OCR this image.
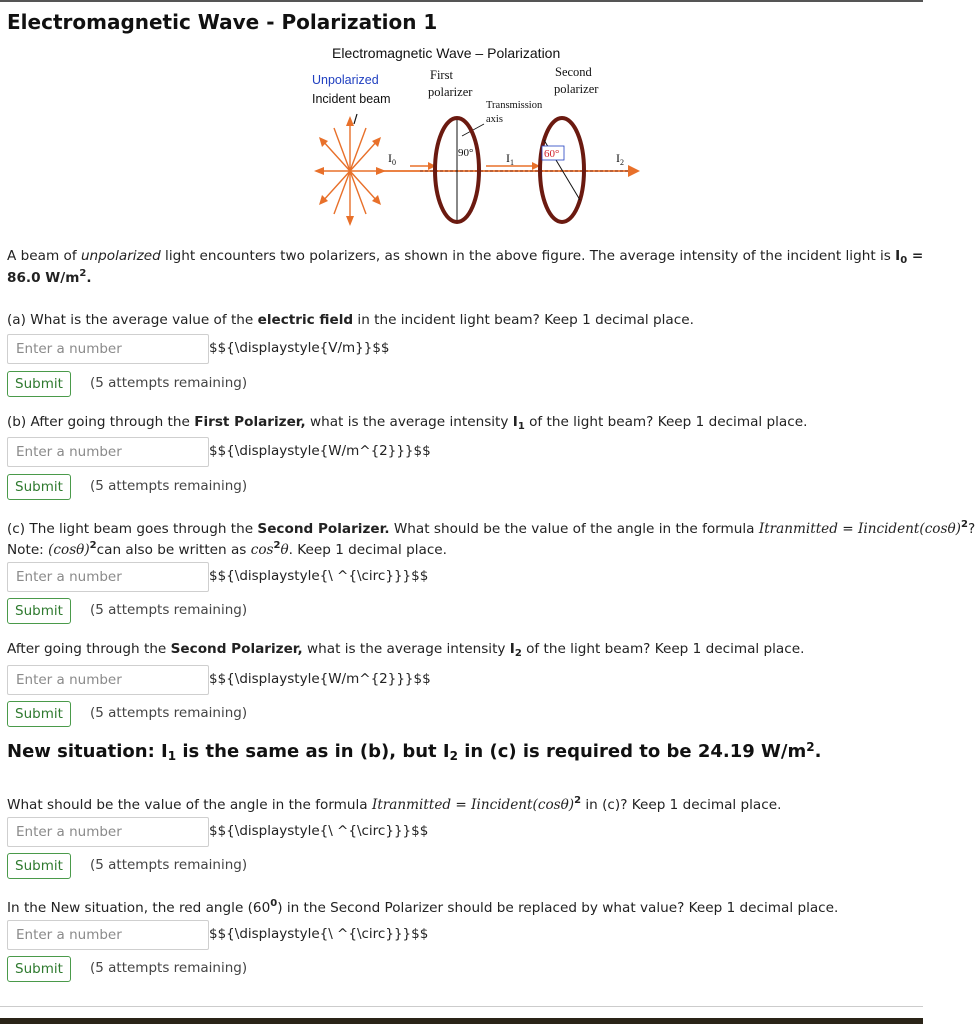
Electromagnetic Wave - Polarization 1
Electromagnetic Wave – Polarization
Unpolarized
Incident beam
First
polarizer
Second
polarizer
Transmission
axis
90°	60°
$I_0$	$I_1$	$I_2$
A beam of unpolarized light encounters two polarizers, as shown in the above figure. The average intensity of the incident light is $I_0$ =
86.0 $W/m^2$.
(a) What is the average value of the electric field in the incident light beam? Keep 1 decimal place.
Enter a number
$${\displaystyle{V/m}}$$
Submit	(5 attempts remaining)
(b) After going through the First Polarizer, what is the average intensity $I_1$ of the light beam? Keep 1 decimal place.
Enter a number
$${\displaystyle{W/m^{2}}}$$
Submit	(5 attempts remaining)
(c) The light beam goes through the Second Polarizer. What should be the value of the angle in the formula Itranmitted = $Iincident(\cos\theta)^2$?
Note: $(\cos\theta)^2can$ also be written as $\cos^2\theta$. Keep 1 decimal place.
Enter a number
$${\displaystyle{\ ^{\circ}}}$$
Submit	(5 attempts remaining)
After going through the Second Polarizer, what is the average intensity $I_2$ of the light beam? Keep 1 decimal place.
Enter a number
$${\displaystyle{W/m^{2}}}$$
Submit	(5 attempts remaining)
New situation: $I_1$ is the same as in (b), but $I_2$ in (c) is required to be 24.19 $W/m^2$.
What should be the value of the angle in the formula Itranmitted = $Iincident(\cos\theta)^2$ in (c)? Keep 1 decimal place.
Enter a number
$${\displaystyle{\ ^{\circ}}}$$
Submit	(5 attempts remaining)
In the New situation, the red angle $(60^0)$ in the Second Polarizer should be replaced by what value? Keep 1 decimal place.
Enter a number
$${\displaystyle{\ ^{\circ}}}$$
Submit	(5 attempts remaining)
